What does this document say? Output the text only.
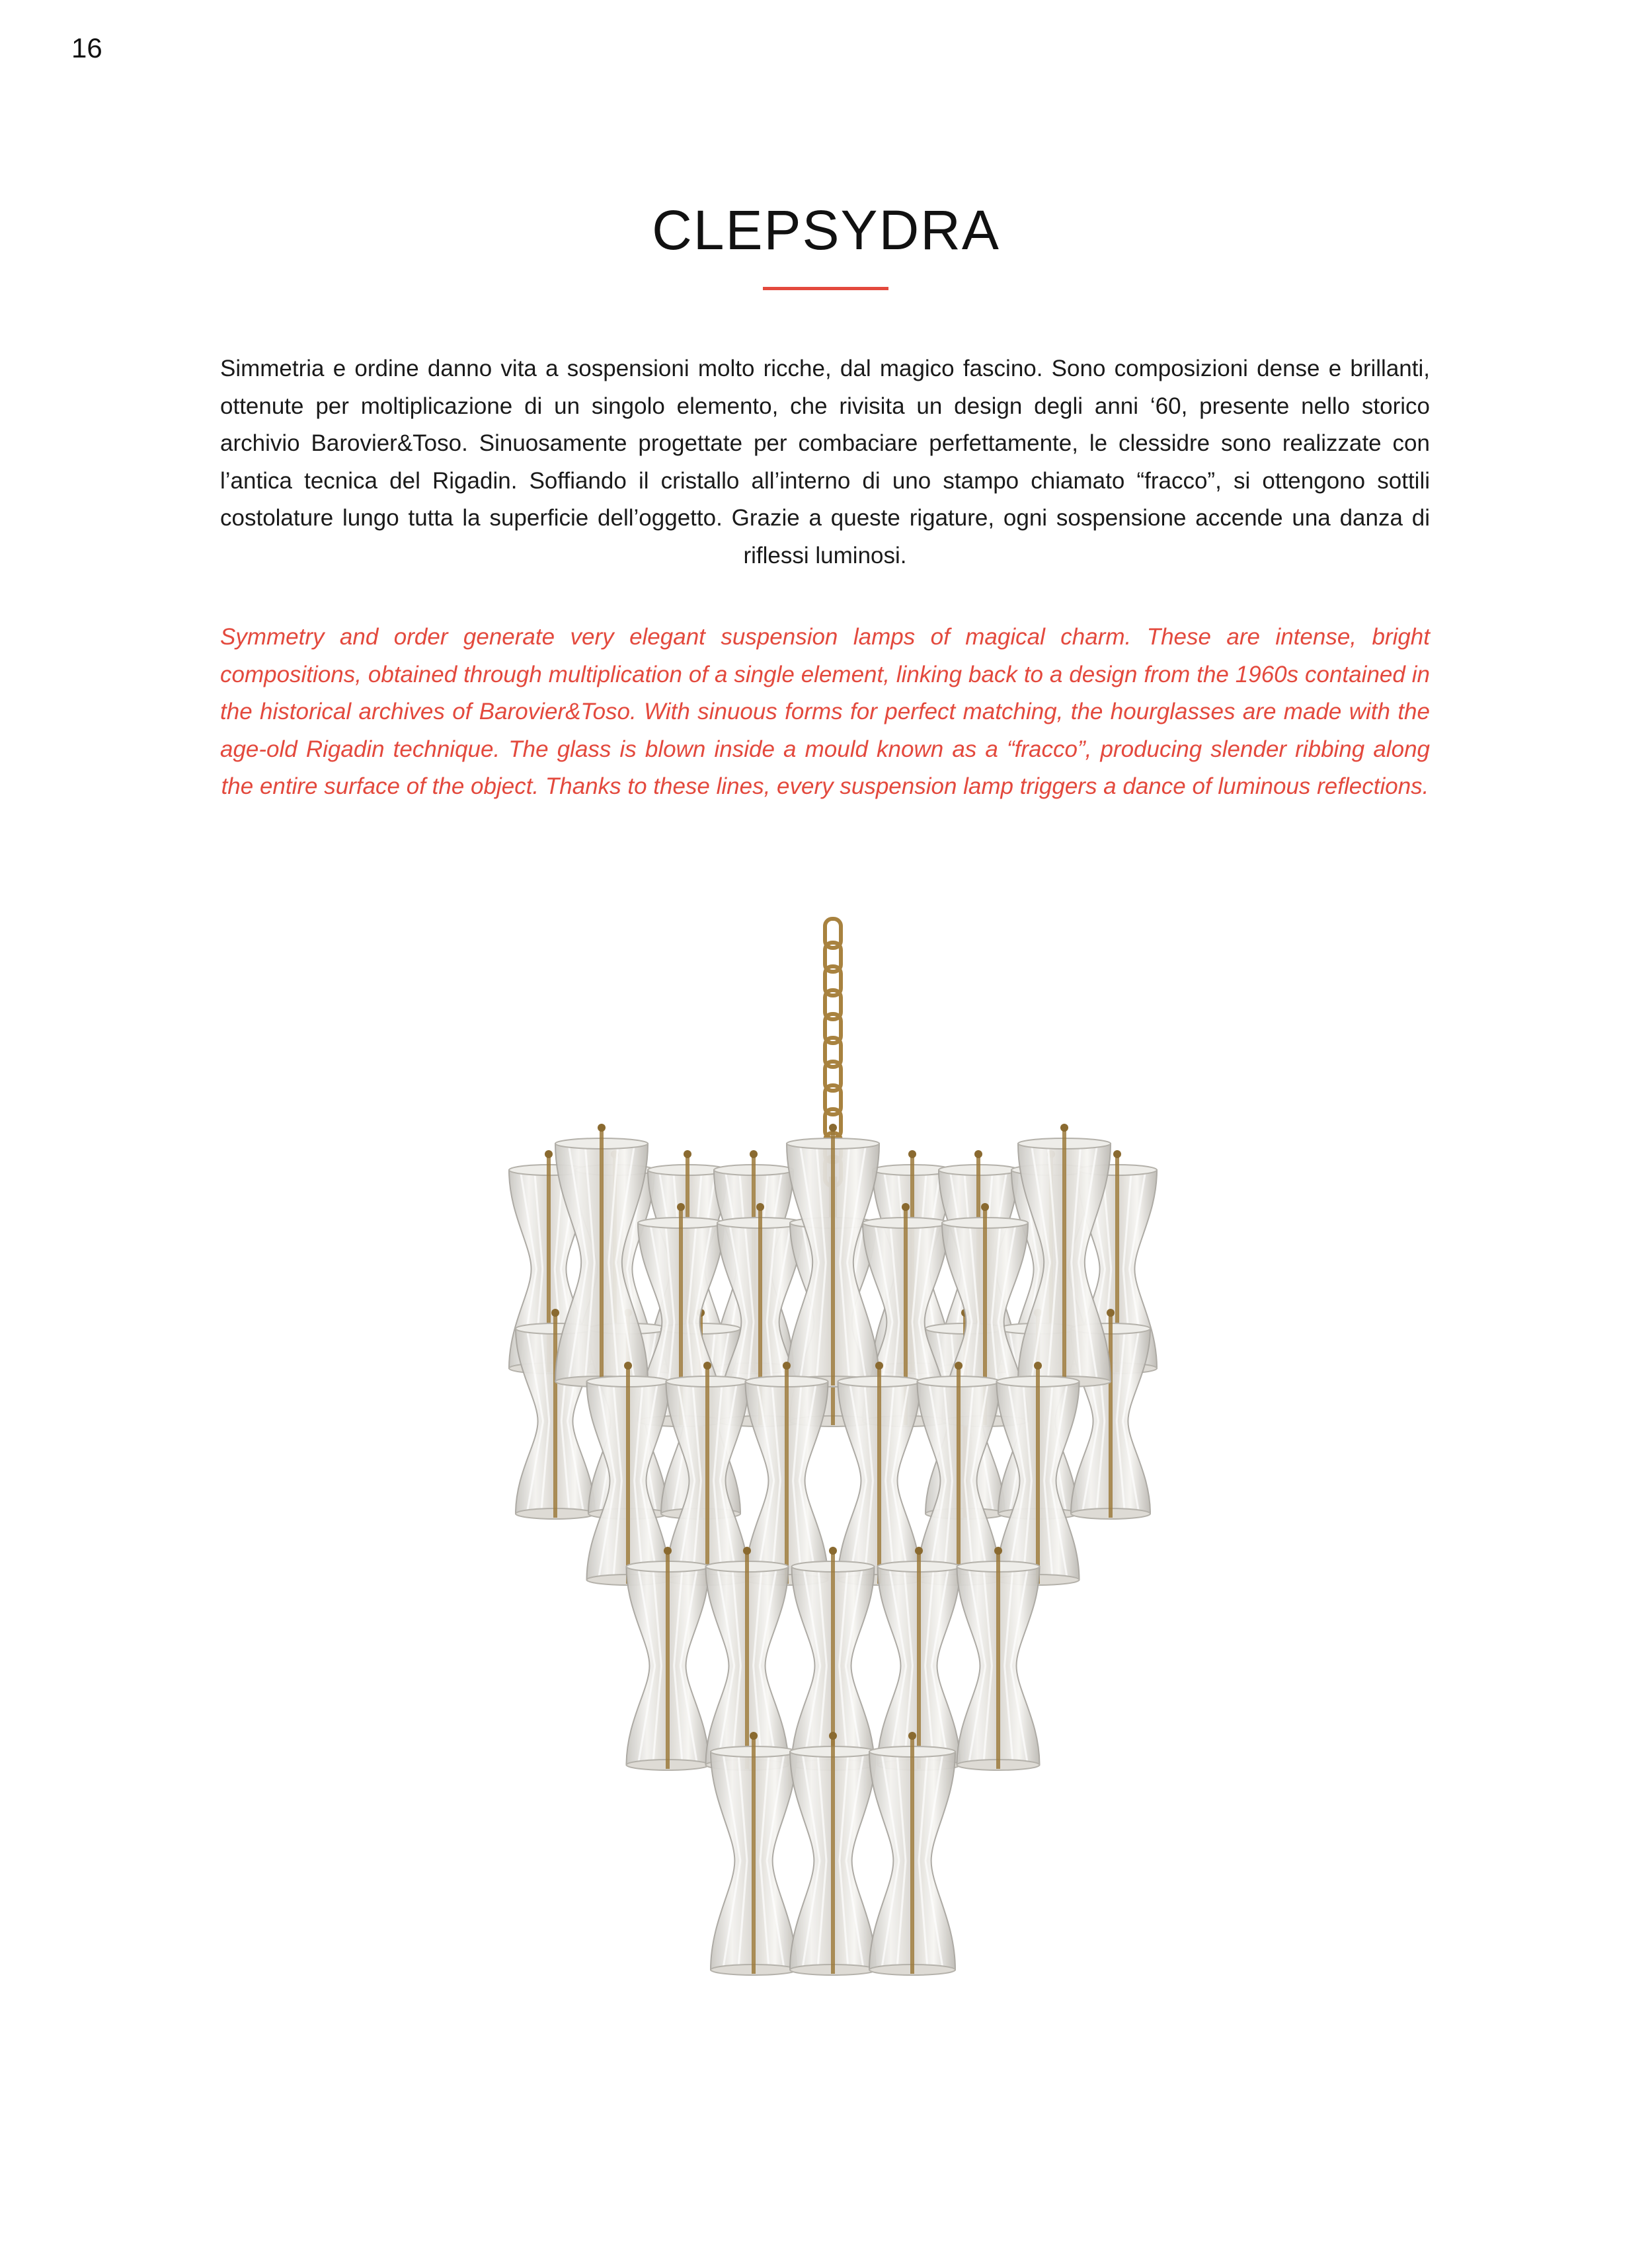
16
CLEPSYDRA

Simmetria e ordine danno vita a sospensioni molto ricche, dal magico fascino. Sono composizioni dense e brillanti, ottenute per moltiplicazione di un singolo elemento, che rivisita un design degli anni ‘60, presente nello storico archivio Barovier&Toso. Sinuosamente progettate per combaciare perfettamente, le clessidre sono realizzate con l’antica tecnica del Rigadin. Soffiando il cristallo all’interno di uno stampo chiamato “fracco”, si ottengono sottili costolature lungo tutta la superficie dell’oggetto. Grazie a queste rigature, ogni sospensione accende una danza di riflessi luminosi.

Symmetry and order generate very elegant suspension lamps of magical charm. These are intense, bright compositions, obtained through multiplication of a single element, linking back to a design from the 1960s contained in the historical archives of Barovier&Toso. With sinuous forms for perfect matching, the hourglasses are made with the age-old Rigadin technique. The glass is blown inside a mould known as a “fracco”, producing slender ribbing along the entire surface of the object. Thanks to these lines, every suspension lamp triggers a dance of luminous reflections.
